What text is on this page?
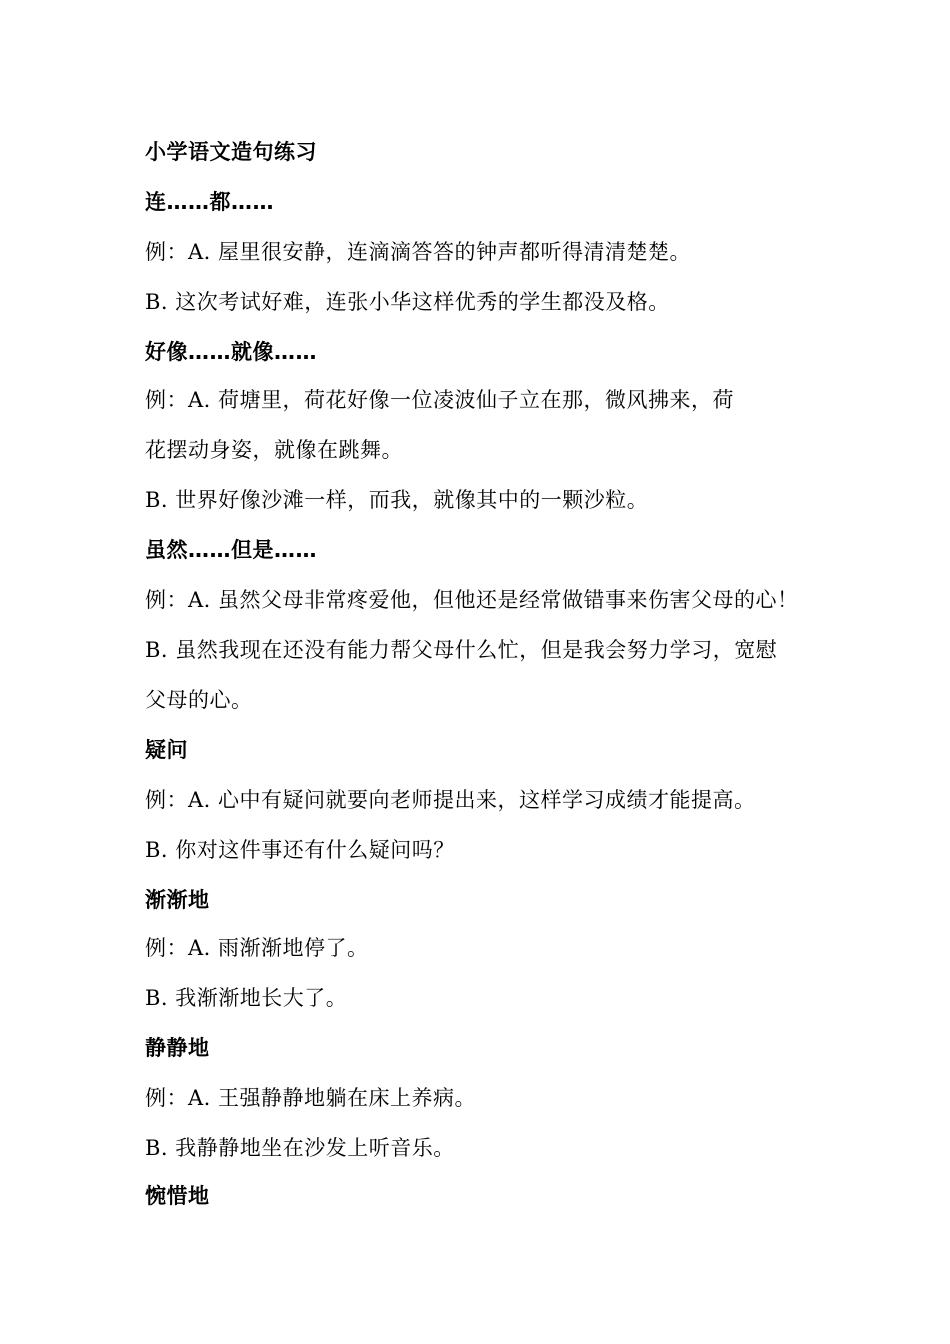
小学语文造句练习
连……都……
例：A. 屋里很安静，连滴滴答答的钟声都听得清清楚楚。
B. 这次考试好难，连张小华这样优秀的学生都没及格。
好像……就像……
例：A. 荷塘里，荷花好像一位凌波仙子立在那，微风拂来，荷
花摆动身姿，就像在跳舞。
B. 世界好像沙滩一样，而我，就像其中的一颗沙粒。
虽然……但是……
例：A. 虽然父母非常疼爱他，但他还是经常做错事来伤害父母的心！
B. 虽然我现在还没有能力帮父母什么忙，但是我会努力学习，宽慰
父母的心。
疑问
例：A. 心中有疑问就要向老师提出来，这样学习成绩才能提高。
B. 你对这件事还有什么疑问吗？
渐渐地
例：A. 雨渐渐地停了。
B. 我渐渐地长大了。
静静地
例：A. 王强静静地躺在床上养病。
B. 我静静地坐在沙发上听音乐。
惋惜地
